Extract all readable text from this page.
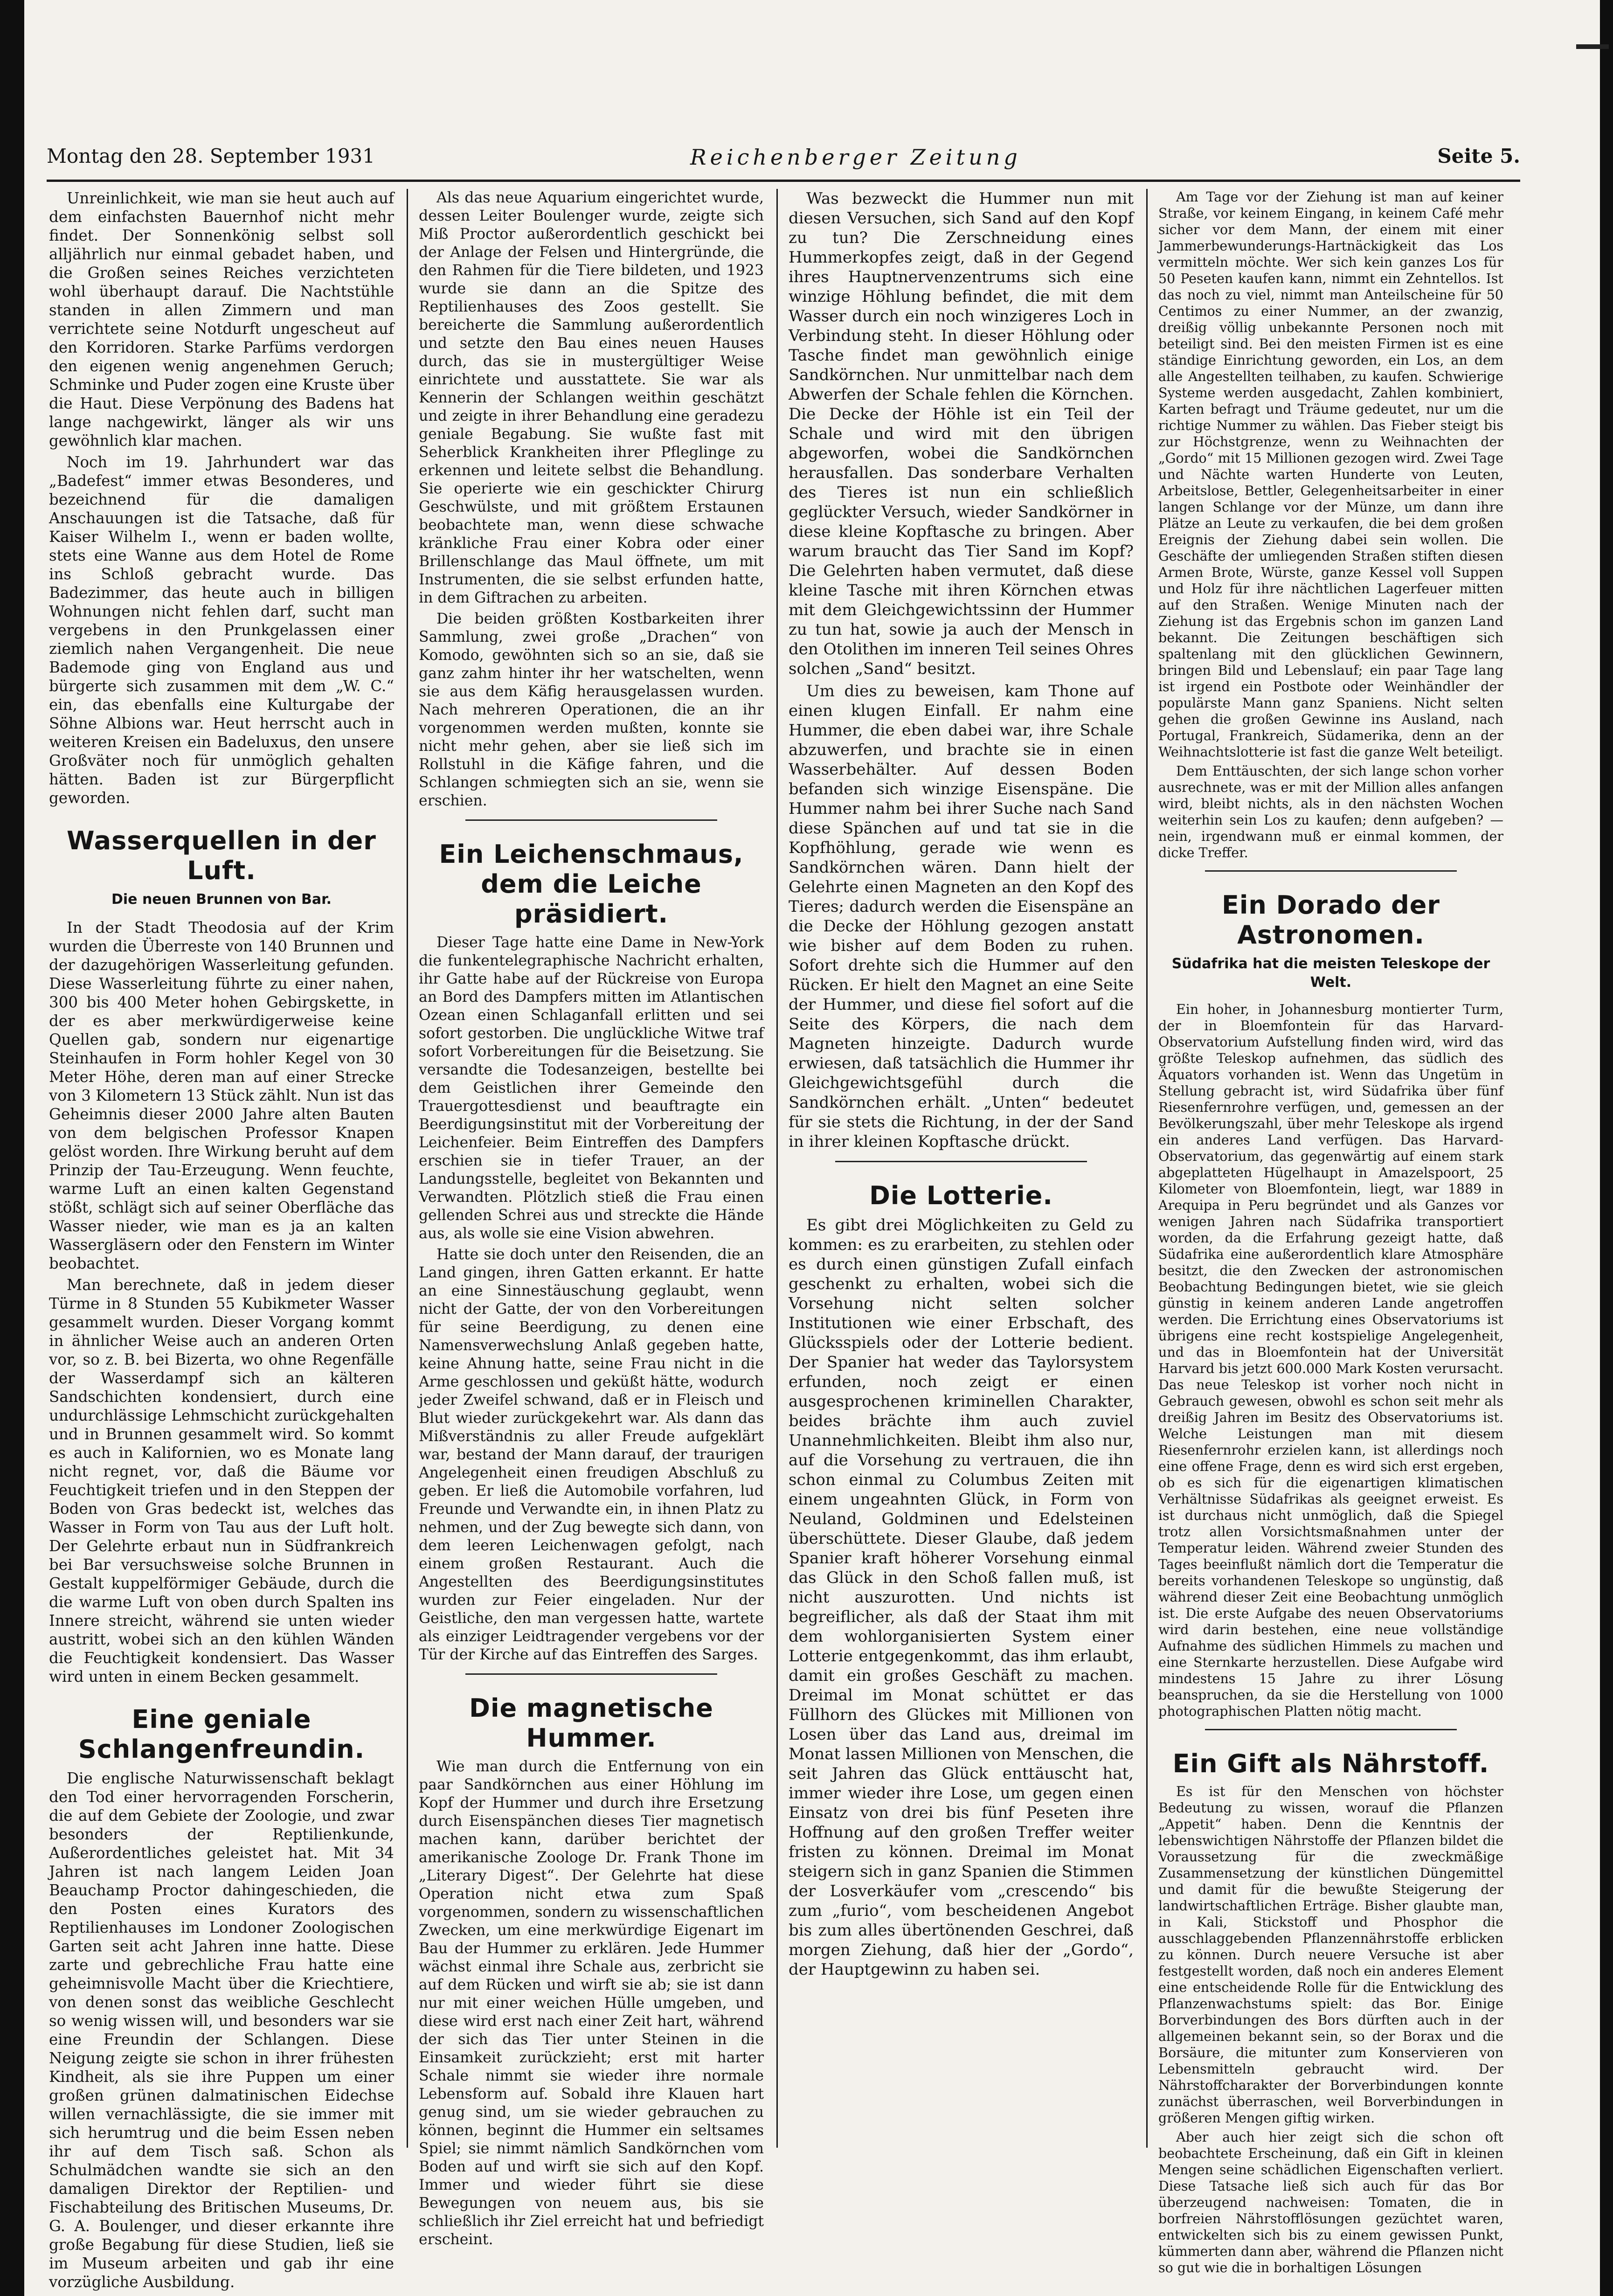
Montag den 28. September 1931	Reichenberger Zeitung	Seite 5.

Unreinlichkeit, wie man sie heut auch auf dem einfachsten Bauernhof nicht mehr findet. Der Sonnenkönig selbst soll alljährlich nur einmal gebadet haben, und die Großen seines Reiches verzichteten wohl überhaupt darauf. Die Nachtstühle standen in allen Zimmern und man verrichtete seine Notdurft ungescheut auf den Korridoren. Starke Parfüms verdorgen den eigenen wenig angenehmen Geruch; Schminke und Puder zogen eine Kruste über die Haut. Diese Verpönung des Badens hat lange nachgewirkt, länger als wir uns gewöhnlich klar machen.

Noch im 19. Jahrhundert war das „Badefest“ immer etwas Besonderes, und bezeichnend für die damaligen Anschauungen ist die Tatsache, daß für Kaiser Wilhelm I., wenn er baden wollte, stets eine Wanne aus dem Hotel de Rome ins Schloß gebracht wurde. Das Badezimmer, das heute auch in billigen Wohnungen nicht fehlen darf, sucht man vergebens in den Prunkgelassen einer ziemlich nahen Vergangenheit. Die neue Bademode ging von England aus und bürgerte sich zusammen mit dem „W. C.“ ein, das ebenfalls eine Kulturgabe der Söhne Albions war. Heut herrscht auch in weiteren Kreisen ein Badeluxus, den unsere Großväter noch für unmöglich gehalten hätten. Baden ist zur Bürgerpflicht geworden.

Wasserquellen in der Luft.
Die neuen Brunnen von Bar.

In der Stadt Theodosia auf der Krim wurden die Überreste von 140 Brunnen und der dazugehörigen Wasserleitung gefunden. Diese Wasserleitung führte zu einer nahen, 300 bis 400 Meter hohen Gebirgskette, in der es aber merkwürdigerweise keine Quellen gab, sondern nur eigenartige Steinhaufen in Form hohler Kegel von 30 Meter Höhe, deren man auf einer Strecke von 3 Kilometern 13 Stück zählt. Nun ist das Geheimnis dieser 2000 Jahre alten Bauten von dem belgischen Professor Knapen gelöst worden. Ihre Wirkung beruht auf dem Prinzip der Tau-Erzeugung. Wenn feuchte, warme Luft an einen kalten Gegenstand stößt, schlägt sich auf seiner Oberfläche das Wasser nieder, wie man es ja an kalten Wassergläsern oder den Fenstern im Winter beobachtet.

Man berechnete, daß in jedem dieser Türme in 8 Stunden 55 Kubikmeter Wasser gesammelt wurden. Dieser Vorgang kommt in ähnlicher Weise auch an anderen Orten vor, so z. B. bei Bizerta, wo ohne Regenfälle der Wasserdampf sich an kälteren Sandschichten kondensiert, durch eine undurchlässige Lehmschicht zurückgehalten und in Brunnen gesammelt wird. So kommt es auch in Kalifornien, wo es Monate lang nicht regnet, vor, daß die Bäume vor Feuchtigkeit triefen und in den Steppen der Boden von Gras bedeckt ist, welches das Wasser in Form von Tau aus der Luft holt. Der Gelehrte erbaut nun in Südfrankreich bei Bar versuchsweise solche Brunnen in Gestalt kuppelförmiger Gebäude, durch die die warme Luft von oben durch Spalten ins Innere streicht, während sie unten wieder austritt, wobei sich an den kühlen Wänden die Feuchtigkeit kondensiert. Das Wasser wird unten in einem Becken gesammelt.

Eine geniale Schlangenfreundin.

Die englische Naturwissenschaft beklagt den Tod einer hervorragenden Forscherin, die auf dem Gebiete der Zoologie, und zwar besonders der Reptilienkunde, Außerordentliches geleistet hat. Mit 34 Jahren ist nach langem Leiden Joan Beauchamp Proctor dahingeschieden, die den Posten eines Kurators des Reptilienhauses im Londoner Zoologischen Garten seit acht Jahren inne hatte. Diese zarte und gebrechliche Frau hatte eine geheimnisvolle Macht über die Kriechtiere, von denen sonst das weibliche Geschlecht so wenig wissen will, und besonders war sie eine Freundin der Schlangen. Diese Neigung zeigte sie schon in ihrer frühesten Kindheit, als sie ihre Puppen um einer großen grünen dalmatinischen Eidechse willen vernachlässigte, die sie immer mit sich herumtrug und die beim Essen neben ihr auf dem Tisch saß. Schon als Schulmädchen wandte sie sich an den damaligen Direktor der Reptilien- und Fischabteilung des Britischen Museums, Dr. G. A. Boulenger, und dieser erkannte ihre große Begabung für diese Studien, ließ sie im Museum arbeiten und gab ihr eine vorzügliche Ausbildung.

Als das neue Aquarium eingerichtet wurde, dessen Leiter Boulenger wurde, zeigte sich Miß Proctor außerordentlich geschickt bei der Anlage der Felsen und Hintergründe, die den Rahmen für die Tiere bildeten, und 1923 wurde sie dann an die Spitze des Reptilienhauses des Zoos gestellt. Sie bereicherte die Sammlung außerordentlich und setzte den Bau eines neuen Hauses durch, das sie in mustergültiger Weise einrichtete und ausstattete. Sie war als Kennerin der Schlangen weithin geschätzt und zeigte in ihrer Behandlung eine geradezu geniale Begabung. Sie wußte fast mit Seherblick Krankheiten ihrer Pfleglinge zu erkennen und leitete selbst die Behandlung. Sie operierte wie ein geschickter Chirurg Geschwülste, und mit größtem Erstaunen beobachtete man, wenn diese schwache kränkliche Frau einer Kobra oder einer Brillenschlange das Maul öffnete, um mit Instrumenten, die sie selbst erfunden hatte, in dem Giftrachen zu arbeiten.

Die beiden größten Kostbarkeiten ihrer Sammlung, zwei große „Drachen“ von Komodo, gewöhnten sich so an sie, daß sie ganz zahm hinter ihr her watschelten, wenn sie aus dem Käfig herausgelassen wurden. Nach mehreren Operationen, die an ihr vorgenommen werden mußten, konnte sie nicht mehr gehen, aber sie ließ sich im Rollstuhl in die Käfige fahren, und die Schlangen schmiegten sich an sie, wenn sie erschien.

Ein Leichenschmaus, dem die Leiche präsidiert.

Dieser Tage hatte eine Dame in New-York die funkentelegraphische Nachricht erhalten, ihr Gatte habe auf der Rückreise von Europa an Bord des Dampfers mitten im Atlantischen Ozean einen Schlaganfall erlitten und sei sofort gestorben. Die unglückliche Witwe traf sofort Vorbereitungen für die Beisetzung. Sie versandte die Todesanzeigen, bestellte bei dem Geistlichen ihrer Gemeinde den Trauergottesdienst und beauftragte ein Beerdigungsinstitut mit der Vorbereitung der Leichenfeier. Beim Eintreffen des Dampfers erschien sie in tiefer Trauer, an der Landungsstelle, begleitet von Bekannten und Verwandten. Plötzlich stieß die Frau einen gellenden Schrei aus und streckte die Hände aus, als wolle sie eine Vision abwehren.

Hatte sie doch unter den Reisenden, die an Land gingen, ihren Gatten erkannt. Er hatte an eine Sinnestäuschung geglaubt, wenn nicht der Gatte, der von den Vorbereitungen für seine Beerdigung, zu denen eine Namensverwechslung Anlaß gegeben hatte, keine Ahnung hatte, seine Frau nicht in die Arme geschlossen und geküßt hätte, wodurch jeder Zweifel schwand, daß er in Fleisch und Blut wieder zurückgekehrt war. Als dann das Mißverständnis zu aller Freude aufgeklärt war, bestand der Mann darauf, der traurigen Angelegenheit einen freudigen Abschluß zu geben. Er ließ die Automobile vorfahren, lud Freunde und Verwandte ein, in ihnen Platz zu nehmen, und der Zug bewegte sich dann, von dem leeren Leichenwagen gefolgt, nach einem großen Restaurant. Auch die Angestellten des Beerdigungsinstitutes wurden zur Feier eingeladen. Nur der Geistliche, den man vergessen hatte, wartete als einziger Leidtragender vergebens vor der Tür der Kirche auf das Eintreffen des Sarges.

Die magnetische Hummer.

Wie man durch die Entfernung von ein paar Sandkörnchen aus einer Höhlung im Kopf der Hummer und durch ihre Ersetzung durch Eisenspänchen dieses Tier magnetisch machen kann, darüber berichtet der amerikanische Zoologe Dr. Frank Thone im „Literary Digest“. Der Gelehrte hat diese Operation nicht etwa zum Spaß vorgenommen, sondern zu wissenschaftlichen Zwecken, um eine merkwürdige Eigenart im Bau der Hummer zu erklären. Jede Hummer wächst einmal ihre Schale aus, zerbricht sie auf dem Rücken und wirft sie ab; sie ist dann nur mit einer weichen Hülle umgeben, und diese wird erst nach einer Zeit hart, während der sich das Tier unter Steinen in die Einsamkeit zurückzieht; erst mit harter Schale nimmt sie wieder ihre normale Lebensform auf. Sobald ihre Klauen hart genug sind, um sie wieder gebrauchen zu können, beginnt die Hummer ein seltsames Spiel; sie nimmt nämlich Sandkörnchen vom Boden auf und wirft sie sich auf den Kopf. Immer und wieder führt sie diese Bewegungen von neuem aus, bis sie schließlich ihr Ziel erreicht hat und befriedigt erscheint.

Was bezweckt die Hummer nun mit diesen Versuchen, sich Sand auf den Kopf zu tun? Die Zerschneidung eines Hummerkopfes zeigt, daß in der Gegend ihres Hauptnervenzentrums sich eine winzige Höhlung befindet, die mit dem Wasser durch ein noch winzigeres Loch in Verbindung steht. In dieser Höhlung oder Tasche findet man gewöhnlich einige Sandkörnchen. Nur unmittelbar nach dem Abwerfen der Schale fehlen die Körnchen. Die Decke der Höhle ist ein Teil der Schale und wird mit den übrigen abgeworfen, wobei die Sandkörnchen herausfallen. Das sonderbare Verhalten des Tieres ist nun ein schließlich geglückter Versuch, wieder Sandkörner in diese kleine Kopftasche zu bringen. Aber warum braucht das Tier Sand im Kopf? Die Gelehrten haben vermutet, daß diese kleine Tasche mit ihren Körnchen etwas mit dem Gleichgewichtssinn der Hummer zu tun hat, sowie ja auch der Mensch in den Otolithen im inneren Teil seines Ohres solchen „Sand“ besitzt.

Um dies zu beweisen, kam Thone auf einen klugen Einfall. Er nahm eine Hummer, die eben dabei war, ihre Schale abzuwerfen, und brachte sie in einen Wasserbehälter. Auf dessen Boden befanden sich winzige Eisenspäne. Die Hummer nahm bei ihrer Suche nach Sand diese Spänchen auf und tat sie in die Kopfhöhlung, gerade wie wenn es Sandkörnchen wären. Dann hielt der Gelehrte einen Magneten an den Kopf des Tieres; dadurch werden die Eisenspäne an die Decke der Höhlung gezogen anstatt wie bisher auf dem Boden zu ruhen. Sofort drehte sich die Hummer auf den Rücken. Er hielt den Magnet an eine Seite der Hummer, und diese fiel sofort auf die Seite des Körpers, die nach dem Magneten hinzeigte. Dadurch wurde erwiesen, daß tatsächlich die Hummer ihr Gleichgewichtsgefühl durch die Sandkörnchen erhält. „Unten“ bedeutet für sie stets die Richtung, in der der Sand in ihrer kleinen Kopftasche drückt.

Die Lotterie.

Es gibt drei Möglichkeiten zu Geld zu kommen: es zu erarbeiten, zu stehlen oder es durch einen günstigen Zufall einfach geschenkt zu erhalten, wobei sich die Vorsehung nicht selten solcher Institutionen wie einer Erbschaft, des Glücksspiels oder der Lotterie bedient. Der Spanier hat weder das Taylorsystem erfunden, noch zeigt er einen ausgesprochenen kriminellen Charakter, beides brächte ihm auch zuviel Unannehmlichkeiten. Bleibt ihm also nur, auf die Vorsehung zu vertrauen, die ihn schon einmal zu Columbus Zeiten mit einem ungeahnten Glück, in Form von Neuland, Goldminen und Edelsteinen überschüttete. Dieser Glaube, daß jedem Spanier kraft höherer Vorsehung einmal das Glück in den Schoß fallen muß, ist nicht auszurotten. Und nichts ist begreiflicher, als daß der Staat ihm mit dem wohlorganisierten System einer Lotterie entgegenkommt, das ihm erlaubt, damit ein großes Geschäft zu machen. Dreimal im Monat schüttet er das Füllhorn des Glückes mit Millionen von Losen über das Land aus, dreimal im Monat lassen Millionen von Menschen, die seit Jahren das Glück enttäuscht hat, immer wieder ihre Lose, um gegen einen Einsatz von drei bis fünf Peseten ihre Hoffnung auf den großen Treffer weiter fristen zu können. Dreimal im Monat steigern sich in ganz Spanien die Stimmen der Losverkäufer vom „crescendo“ bis zum „furio“, vom bescheidenen Angebot bis zum alles übertönenden Geschrei, daß morgen Ziehung, daß hier der „Gordo“, der Hauptgewinn zu haben sei.

Am Tage vor der Ziehung ist man auf keiner Straße, vor keinem Eingang, in keinem Café mehr sicher vor dem Mann, der einem mit einer Jammerbewunderungs-Hartnäckigkeit das Los vermitteln möchte. Wer sich kein ganzes Los für 50 Peseten kaufen kann, nimmt ein Zehntellos. Ist das noch zu viel, nimmt man Anteilscheine für 50 Centimos zu einer Nummer, an der zwanzig, dreißig völlig unbekannte Personen noch mit beteiligt sind. Bei den meisten Firmen ist es eine ständige Einrichtung geworden, ein Los, an dem alle Angestellten teilhaben, zu kaufen. Schwierige Systeme werden ausgedacht, Zahlen kombiniert, Karten befragt und Träume gedeutet, nur um die richtige Nummer zu wählen. Das Fieber steigt bis zur Höchstgrenze, wenn zu Weihnachten der „Gordo“ mit 15 Millionen gezogen wird. Zwei Tage und Nächte warten Hunderte von Leuten, Arbeitslose, Bettler, Gelegenheitsarbeiter in einer langen Schlange vor der Münze, um dann ihre Plätze an Leute zu verkaufen, die bei dem großen Ereignis der Ziehung dabei sein wollen. Die Geschäfte der umliegenden Straßen stiften diesen Armen Brote, Würste, ganze Kessel voll Suppen und Holz für ihre nächtlichen Lagerfeuer mitten auf den Straßen. Wenige Minuten nach der Ziehung ist das Ergebnis schon im ganzen Land bekannt. Die Zeitungen beschäftigen sich spaltenlang mit den glücklichen Gewinnern, bringen Bild und Lebenslauf; ein paar Tage lang ist irgend ein Postbote oder Weinhändler der populärste Mann ganz Spaniens. Nicht selten gehen die großen Gewinne ins Ausland, nach Portugal, Frankreich, Südamerika, denn an der Weihnachtslotterie ist fast die ganze Welt beteiligt.

Dem Enttäuschten, der sich lange schon vorher ausrechnete, was er mit der Million alles anfangen wird, bleibt nichts, als in den nächsten Wochen weiterhin sein Los zu kaufen; denn aufgeben? — nein, irgendwann muß er einmal kommen, der dicke Treffer.

Ein Dorado der Astronomen.
Südafrika hat die meisten Teleskope der Welt.

Ein hoher, in Johannesburg montierter Turm, der in Bloemfontein für das Harvard-Observatorium Aufstellung finden wird, wird das größte Teleskop aufnehmen, das südlich des Äquators vorhanden ist. Wenn das Ungetüm in Stellung gebracht ist, wird Südafrika über fünf Riesenfernrohre verfügen, und, gemessen an der Bevölkerungszahl, über mehr Teleskope als irgend ein anderes Land verfügen. Das Harvard-Observatorium, das gegenwärtig auf einem stark abgeplatteten Hügelhaupt in Amazelspoort, 25 Kilometer von Bloemfontein, liegt, war 1889 in Arequipa in Peru begründet und als Ganzes vor wenigen Jahren nach Südafrika transportiert worden, da die Erfahrung gezeigt hatte, daß Südafrika eine außerordentlich klare Atmosphäre besitzt, die den Zwecken der astronomischen Beobachtung Bedingungen bietet, wie sie gleich günstig in keinem anderen Lande angetroffen werden. Die Errichtung eines Observatoriums ist übrigens eine recht kostspielige Angelegenheit, und das in Bloemfontein hat der Universität Harvard bis jetzt 600.000 Mark Kosten verursacht. Das neue Teleskop ist vorher noch nicht in Gebrauch gewesen, obwohl es schon seit mehr als dreißig Jahren im Besitz des Observatoriums ist. Welche Leistungen man mit diesem Riesenfernrohr erzielen kann, ist allerdings noch eine offene Frage, denn es wird sich erst ergeben, ob es sich für die eigenartigen klimatischen Verhältnisse Südafrikas als geeignet erweist. Es ist durchaus nicht unmöglich, daß die Spiegel trotz allen Vorsichtsmaßnahmen unter der Temperatur leiden. Während zweier Stunden des Tages beeinflußt nämlich dort die Temperatur die bereits vorhandenen Teleskope so ungünstig, daß während dieser Zeit eine Beobachtung unmöglich ist. Die erste Aufgabe des neuen Observatoriums wird darin bestehen, eine neue vollständige Aufnahme des südlichen Himmels zu machen und eine Sternkarte herzustellen. Diese Aufgabe wird mindestens 15 Jahre zu ihrer Lösung beanspruchen, da sie die Herstellung von 1000 photographischen Platten nötig macht.

Ein Gift als Nährstoff.

Es ist für den Menschen von höchster Bedeutung zu wissen, worauf die Pflanzen „Appetit“ haben. Denn die Kenntnis der lebenswichtigen Nährstoffe der Pflanzen bildet die Voraussetzung für die zweckmäßige Zusammensetzung der künstlichen Düngemittel und damit für die bewußte Steigerung der landwirtschaftlichen Erträge. Bisher glaubte man, in Kali, Stickstoff und Phosphor die ausschlaggebenden Pflanzennährstoffe erblicken zu können. Durch neuere Versuche ist aber festgestellt worden, daß noch ein anderes Element eine entscheidende Rolle für die Entwicklung des Pflanzenwachstums spielt: das Bor. Einige Borverbindungen des Bors dürften auch in der allgemeinen bekannt sein, so der Borax und die Borsäure, die mitunter zum Konservieren von Lebensmitteln gebraucht wird. Der Nährstoffcharakter der Borverbindungen konnte zunächst überraschen, weil Borverbindungen in größeren Mengen giftig wirken.

Aber auch hier zeigt sich die schon oft beobachtete Erscheinung, daß ein Gift in kleinen Mengen seine schädlichen Eigenschaften verliert. Diese Tatsache ließ sich auch für das Bor überzeugend nachweisen: Tomaten, die in borfreien Nährstofflösungen gezüchtet waren, entwickelten sich bis zu einem gewissen Punkt, kümmerten dann aber, während die Pflanzen nicht so gut wie die in borhaltigen Lösungen
